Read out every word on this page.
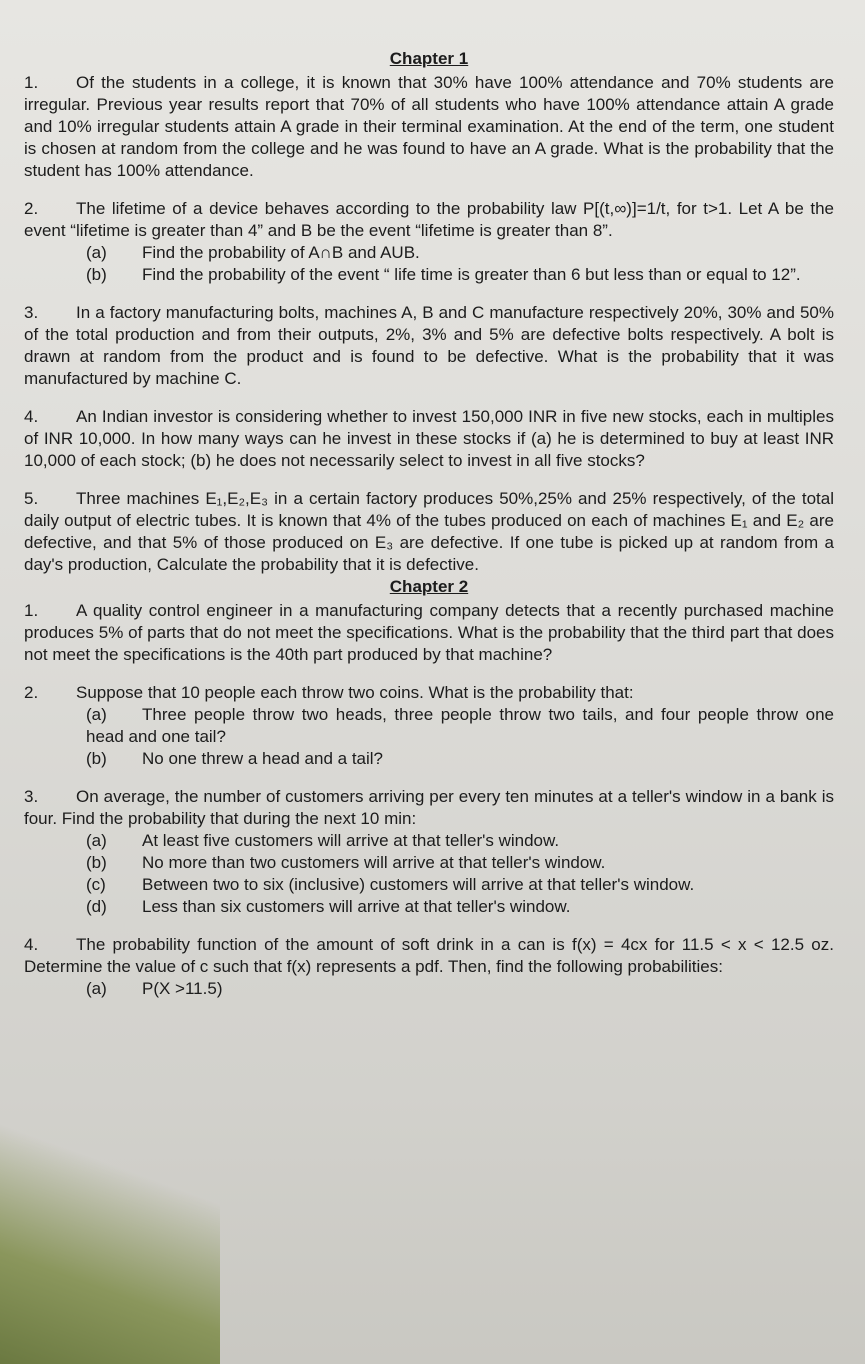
Chapter 1
1. Of the students in a college, it is known that 30% have 100% attendance and 70% students are irregular. Previous year results report that 70% of all students who have 100% attendance attain A grade and 10% irregular students attain A grade in their terminal examination. At the end of the term, one student is chosen at random from the college and he was found to have an A grade. What is the probability that the student has 100% attendance.
2. The lifetime of a device behaves according to the probability law P[(t,∞)]=1/t, for t>1. Let A be the event “lifetime is greater than 4” and B be the event “lifetime is greater than 8”.
(a) Find the probability of A∩B and AUB.
(b) Find the probability of the event “ life time is greater than 6 but less than or equal to 12”.
3. In a factory manufacturing bolts, machines A, B and C manufacture respectively 20%, 30% and 50% of the total production and from their outputs, 2%, 3% and 5% are defective bolts respectively. A bolt is drawn at random from the product and is found to be defective. What is the probability that it was manufactured by machine C.
4. An Indian investor is considering whether to invest 150,000 INR in five new stocks, each in multiples of INR 10,000. In how many ways can he invest in these stocks if (a) he is determined to buy at least INR 10,000 of each stock; (b) he does not necessarily select to invest in all five stocks?
5. Three machines E₁,E₂,E₃ in a certain factory produces 50%,25% and 25% respectively, of the total daily output of electric tubes. It is known that 4% of the tubes produced on each of machines E₁ and E₂ are defective, and that 5% of those produced on E₃ are defective. If one tube is picked up at random from a day's production, Calculate the probability that it is defective.
Chapter 2
1. A quality control engineer in a manufacturing company detects that a recently purchased machine produces 5% of parts that do not meet the specifications. What is the probability that the third part that does not meet the specifications is the 40th part produced by that machine?
2. Suppose that 10 people each throw two coins. What is the probability that:
(a) Three people throw two heads, three people throw two tails, and four people throw one head and one tail?
(b) No one threw a head and a tail?
3. On average, the number of customers arriving per every ten minutes at a teller's window in a bank is four. Find the probability that during the next 10 min:
(a) At least five customers will arrive at that teller's window.
(b) No more than two customers will arrive at that teller's window.
(c) Between two to six (inclusive) customers will arrive at that teller's window.
(d) Less than six customers will arrive at that teller's window.
4. The probability function of the amount of soft drink in a can is f(x) = 4cx for 11.5 < x < 12.5 oz. Determine the value of c such that f(x) represents a pdf. Then, find the following probabilities:
(a) P(X >11.5)
